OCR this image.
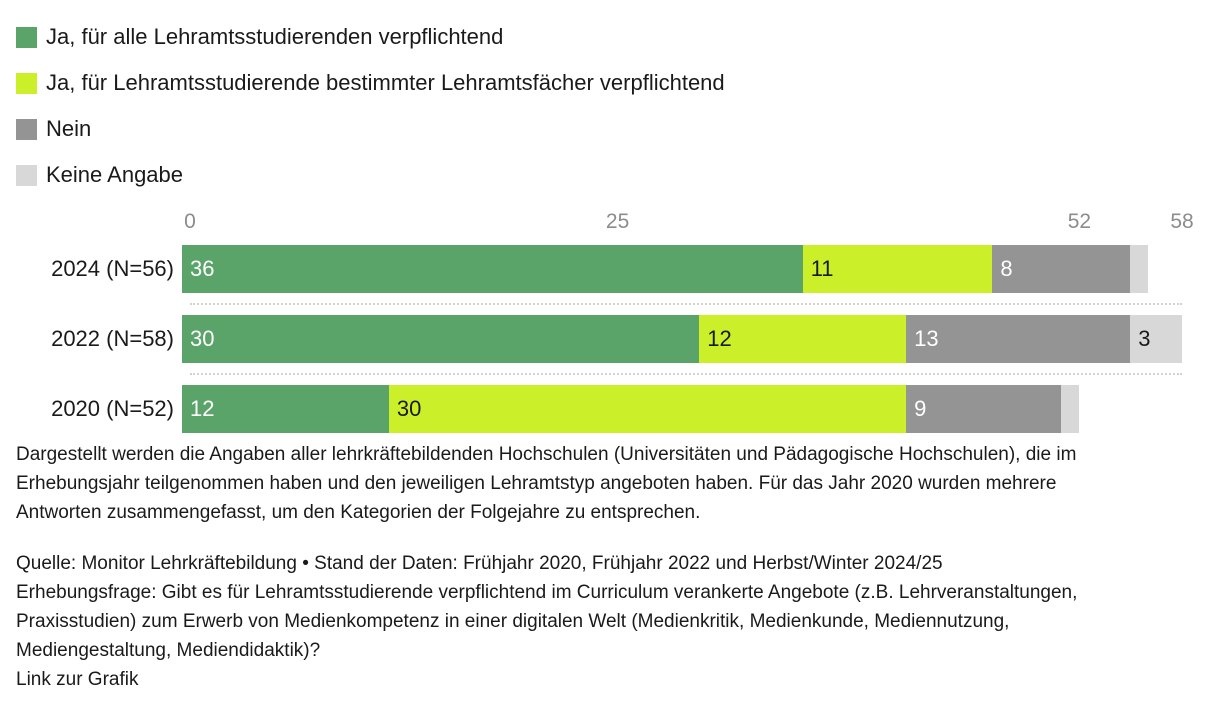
Ja, für alle Lehramtsstudierenden verpflichtend
Ja, für Lehramtsstudierende bestimmter Lehramtsfächer verpflichtend
Nein
Keine Angabe
0	25	52	58
2024 (N=56) 36	11	8
2022 (N=58) 30	12	13	3
2020 (N=52) 12	30	9
Dargestellt werden die Angaben aller lehrkräftebildenden Hochschulen (Universitäten und Pädagogische Hochschulen), die im Erhebungsjahr teilgenommen haben und den jeweiligen Lehramtstyp angeboten haben. Für das Jahr 2020 wurden mehrere Antworten zusammengefasst, um den Kategorien der Folgejahre zu entsprechen.
Quelle: Monitor Lehrkräftebildung • Stand der Daten: Frühjahr 2020, Frühjahr 2022 und Herbst/Winter 2024/25
Erhebungsfrage: Gibt es für Lehramtsstudierende verpflichtend im Curriculum verankerte Angebote (z.B. Lehrveranstaltungen, Praxisstudien) zum Erwerb von Medienkompetenz in einer digitalen Welt (Medienkritik, Medienkunde, Mediennutzung, Mediengestaltung, Mediendidaktik)?
Link zur Grafik
